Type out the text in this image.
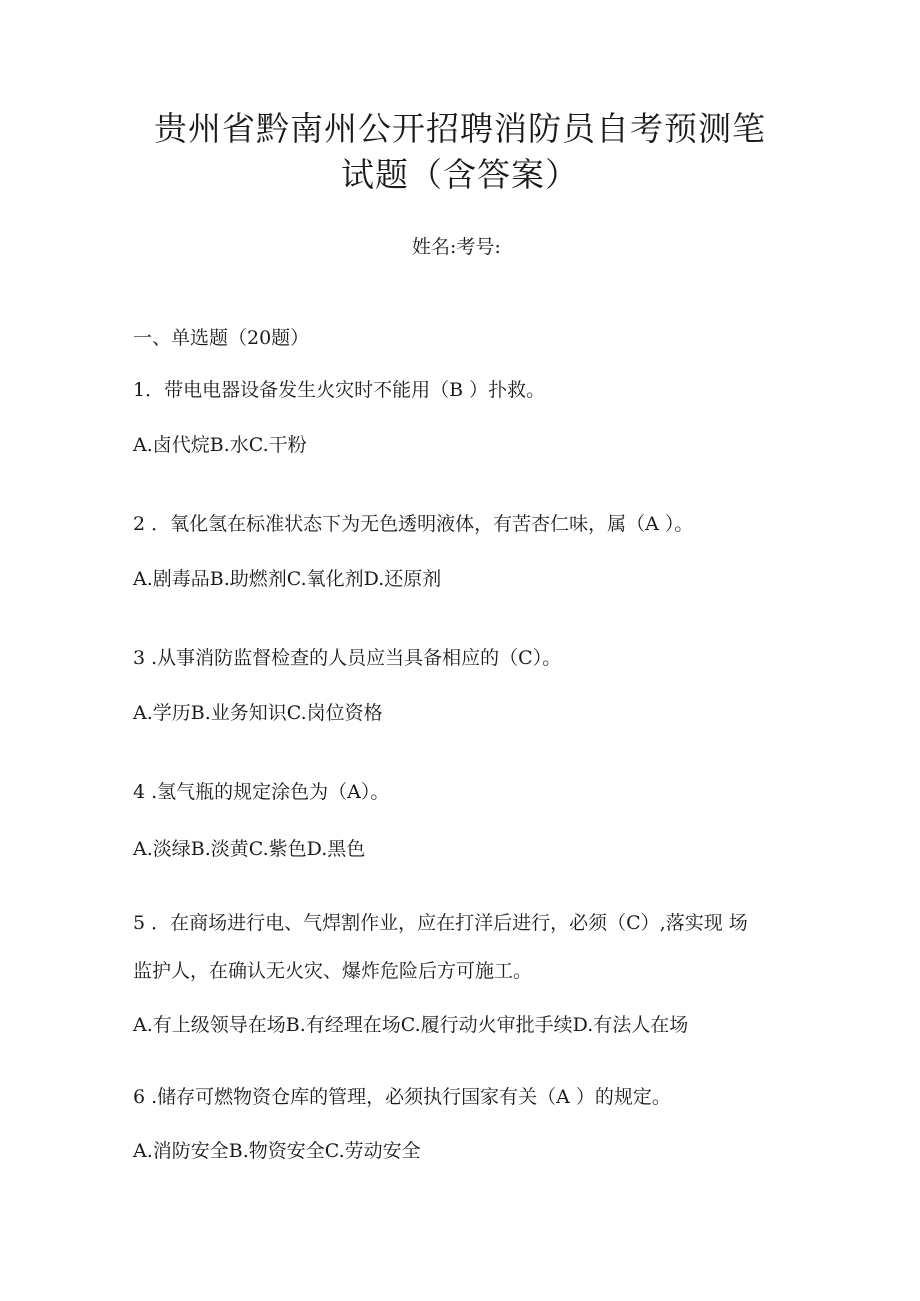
贵州省黔南州公开招聘消防员自考预测笔
试题（含答案）
姓名:考号:
一、单选题（20题）
1．带电电器设备发生火灾时不能用（B ）扑救。
A.卤代烷B.水C.干粉
2 ．氧化氢在标准状态下为无色透明液体，有苦杏仁味，属（A ）。
A.剧毒品B.助燃剂C.氧化剂D.还原剂
3 .从事消防监督检查的人员应当具备相应的（C）。
A.学历B.业务知识C.岗位资格
4 .氢气瓶的规定涂色为（A）。
A.淡绿B.淡黄C.紫色D.黑色
5 ．在商场进行电、气焊割作业，应在打洋后进行，必须（C）,落实现 场
监护人，在确认无火灾、爆炸危险后方可施工。
A.有上级领导在场B.有经理在场C.履行动火审批手续D.有法人在场
6 .储存可燃物资仓库的管理，必须执行国家有关（A ）的规定。
A.消防安全B.物资安全C.劳动安全
